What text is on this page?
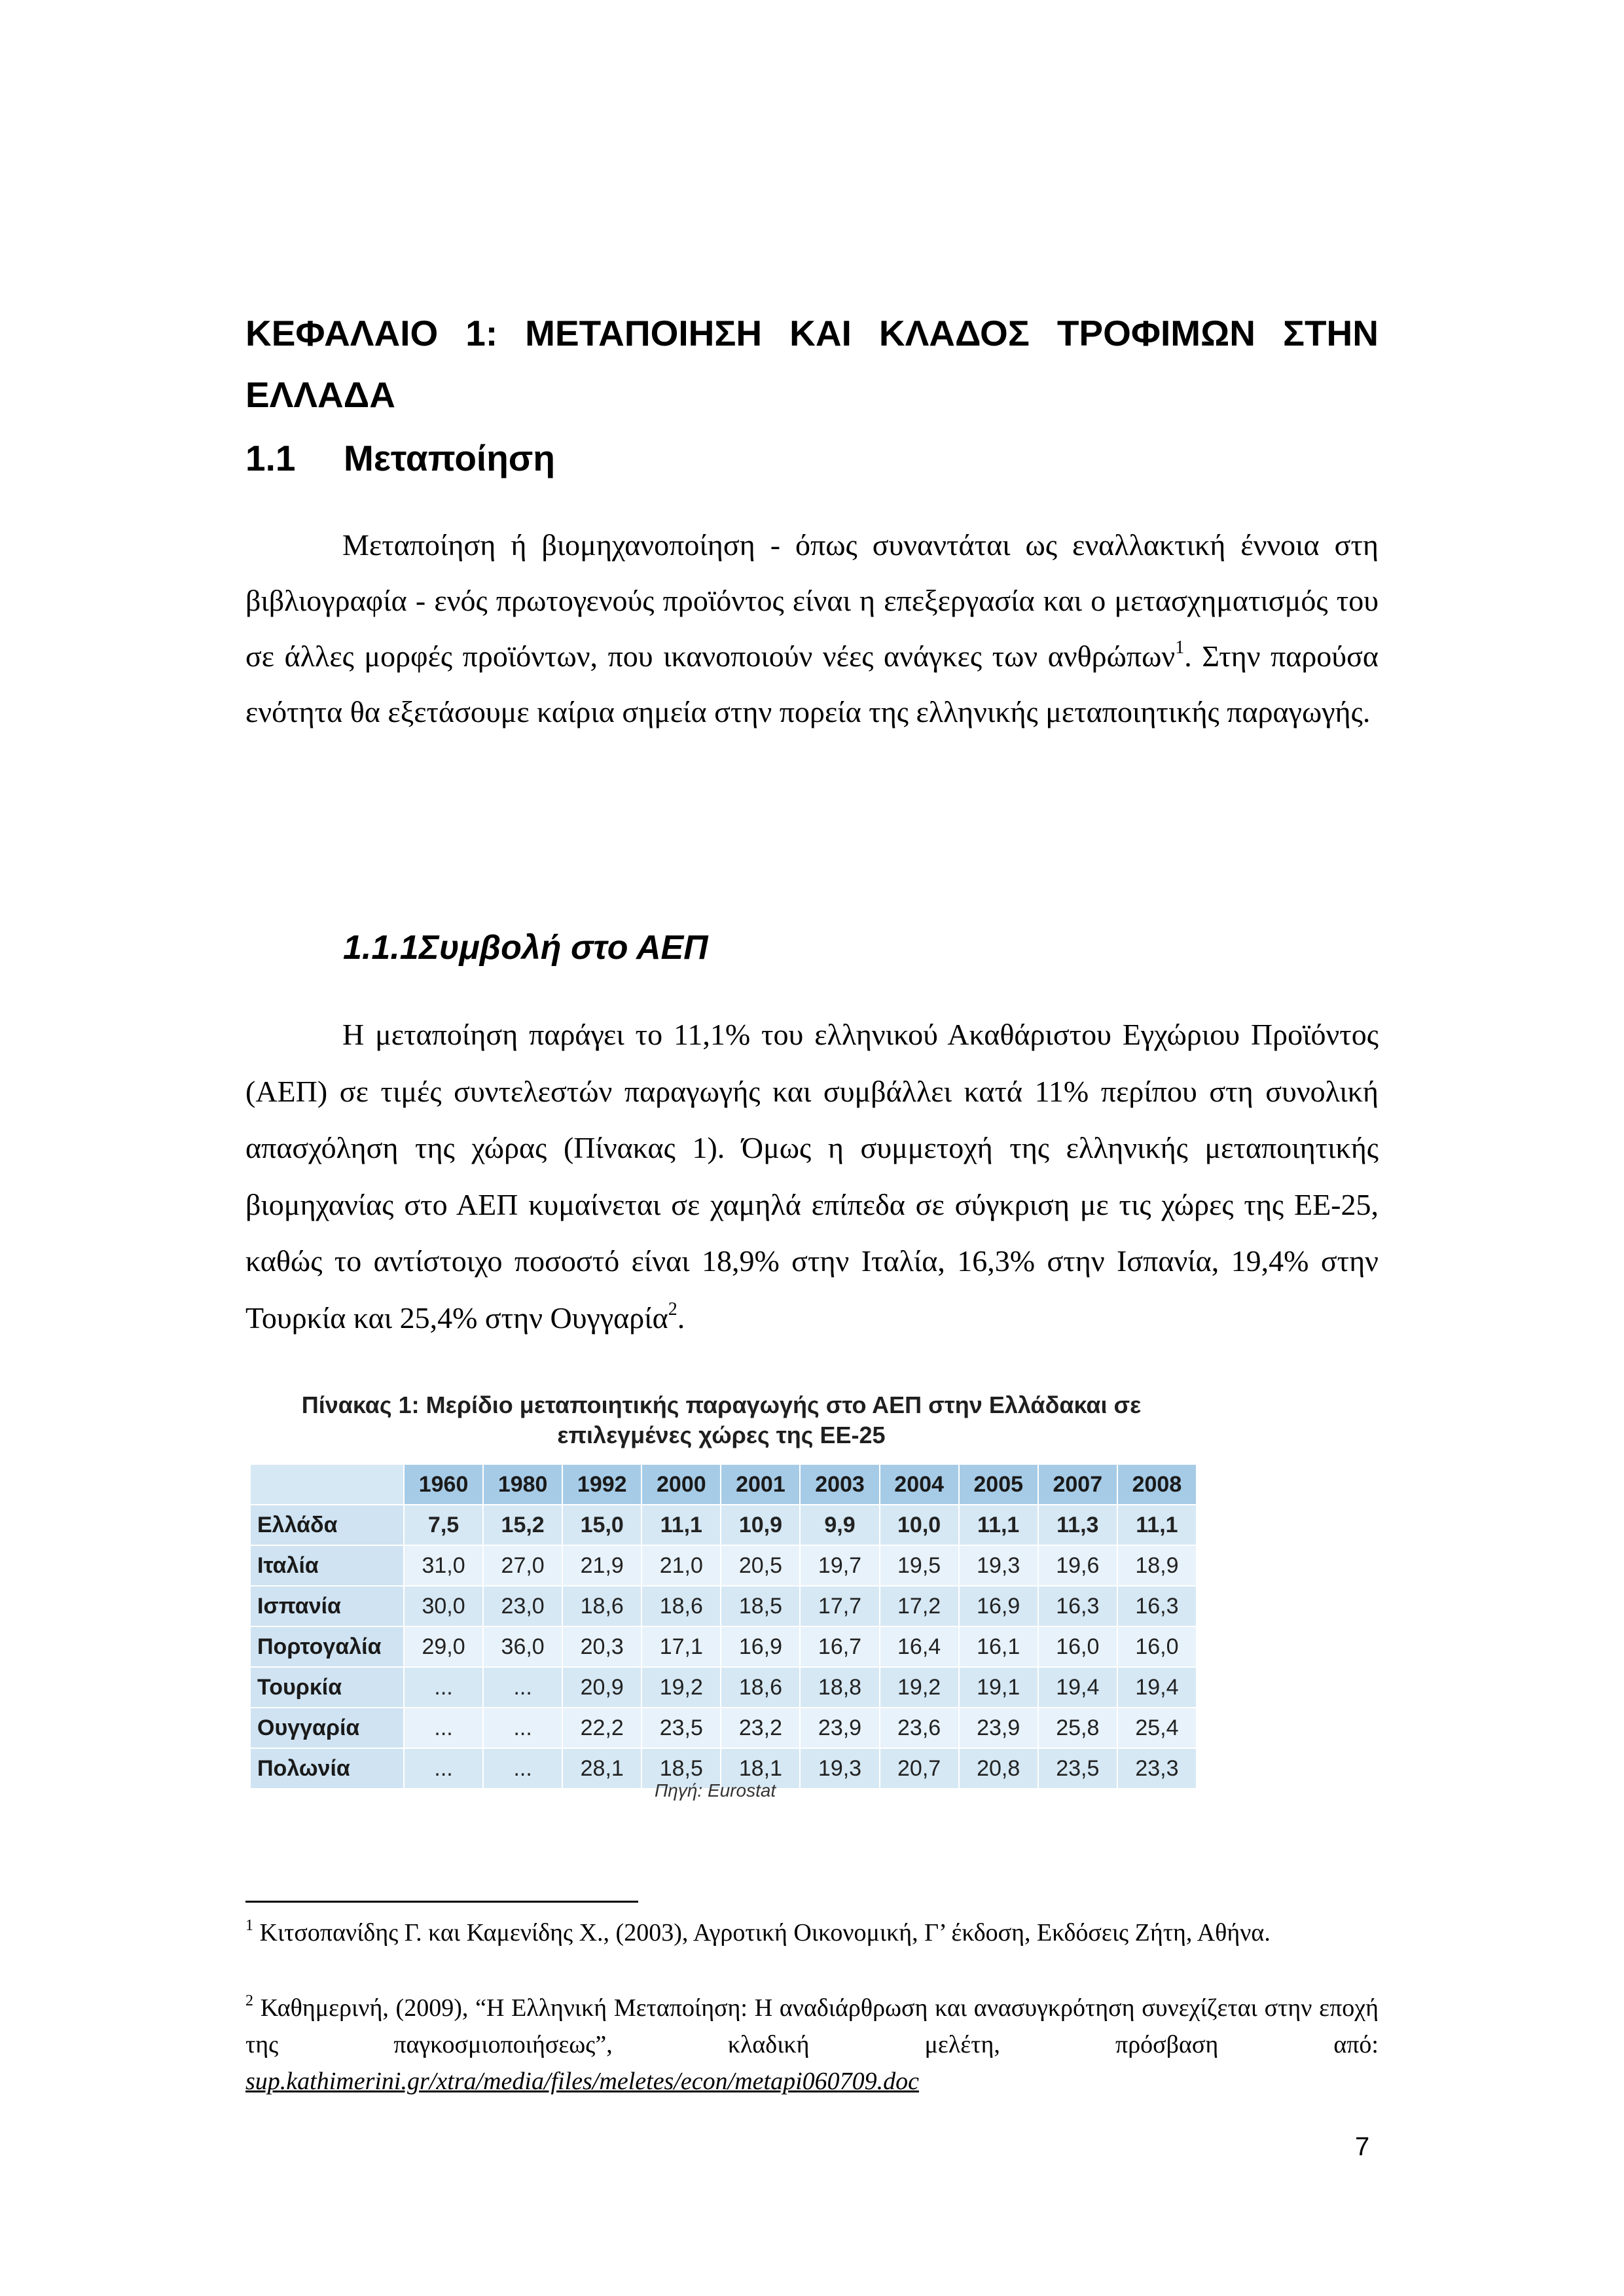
ΚΕΦΑΛΑΙΟ 1: ΜΕΤΑΠΟΙΗΣΗ ΚΑΙ ΚΛΑΔΟΣ ΤΡΟΦΙΜΩΝ ΣΤΗΝ ΕΛΛΑΔΑ
1.1 Μεταποίηση

Μεταποίηση ή βιομηχανοποίηση - όπως συναντάται ως εναλλακτική έννοια στη βιβλιογραφία - ενός πρωτογενούς προϊόντος είναι η επεξεργασία και ο μετασχηματισμός του σε άλλες μορφές προϊόντων, που ικανοποιούν νέες ανάγκες των ανθρώπων$^1$. Στην παρούσα ενότητα θα εξετάσουμε καίρια σημεία στην πορεία της ελληνικής μεταποιητικής παραγωγής.

1.1.1Συμβολή στο ΑΕΠ

Η μεταποίηση παράγει το 11,1% του ελληνικού Ακαθάριστου Εγχώριου Προϊόντος (ΑΕΠ) σε τιμές συντελεστών παραγωγής και συμβάλλει κατά 11% περίπου στη συνολική απασχόληση της χώρας (Πίνακας 1). Όμως η συμμετοχή της ελληνικής μεταποιητικής βιομηχανίας στο ΑΕΠ κυμαίνεται σε χαμηλά επίπεδα σε σύγκριση με τις χώρες της ΕΕ-25, καθώς το αντίστοιχο ποσοστό είναι 18,9% στην Ιταλία, 16,3% στην Ισπανία, 19,4% στην Τουρκία και 25,4% στην Ουγγαρία$^2$.

Πίνακας 1: Μερίδιο μεταποιητικής παραγωγής στο ΑΕΠ στην Ελλάδακαι σε επιλεγμένες χώρες της ΕΕ-25

	1960	1980	1992	2000	2001	2003	2004	2005	2007	2008
Ελλάδα	7,5	15,2	15,0	11,1	10,9	9,9	10,0	11,1	11,3	11,1
Ιταλία	31,0	27,0	21,9	21,0	20,5	19,7	19,5	19,3	19,6	18,9
Ισπανία	30,0	23,0	18,6	18,6	18,5	17,7	17,2	16,9	16,3	16,3
Πορτογαλία	29,0	36,0	20,3	17,1	16,9	16,7	16,4	16,1	16,0	16,0
Τουρκία	...	...	20,9	19,2	18,6	18,8	19,2	19,1	19,4	19,4
Ουγγαρία	...	...	22,2	23,5	23,2	23,9	23,6	23,9	25,8	25,4
Πολωνία	...	...	28,1	18,5	18,1	19,3	20,7	20,8	23,5	23,3

Πηγή: Eurostat

$^1$ Κιτσοπανίδης Γ. και Καμενίδης Χ., (2003), Αγροτική Οικονομική, Γ’ έκδοση, Εκδόσεις Ζήτη, Αθήνα.

$^2$ Καθημερινή, (2009), “Η Ελληνική Μεταποίηση: Η αναδιάρθρωση και ανασυγκρότηση συνεχίζεται στην εποχή της παγκοσμιοποιήσεως”, κλαδική μελέτη, πρόσβαση από:

sup.kathimerini.gr/xtra/media/files/meletes/econ/metapi060709.doc

7
